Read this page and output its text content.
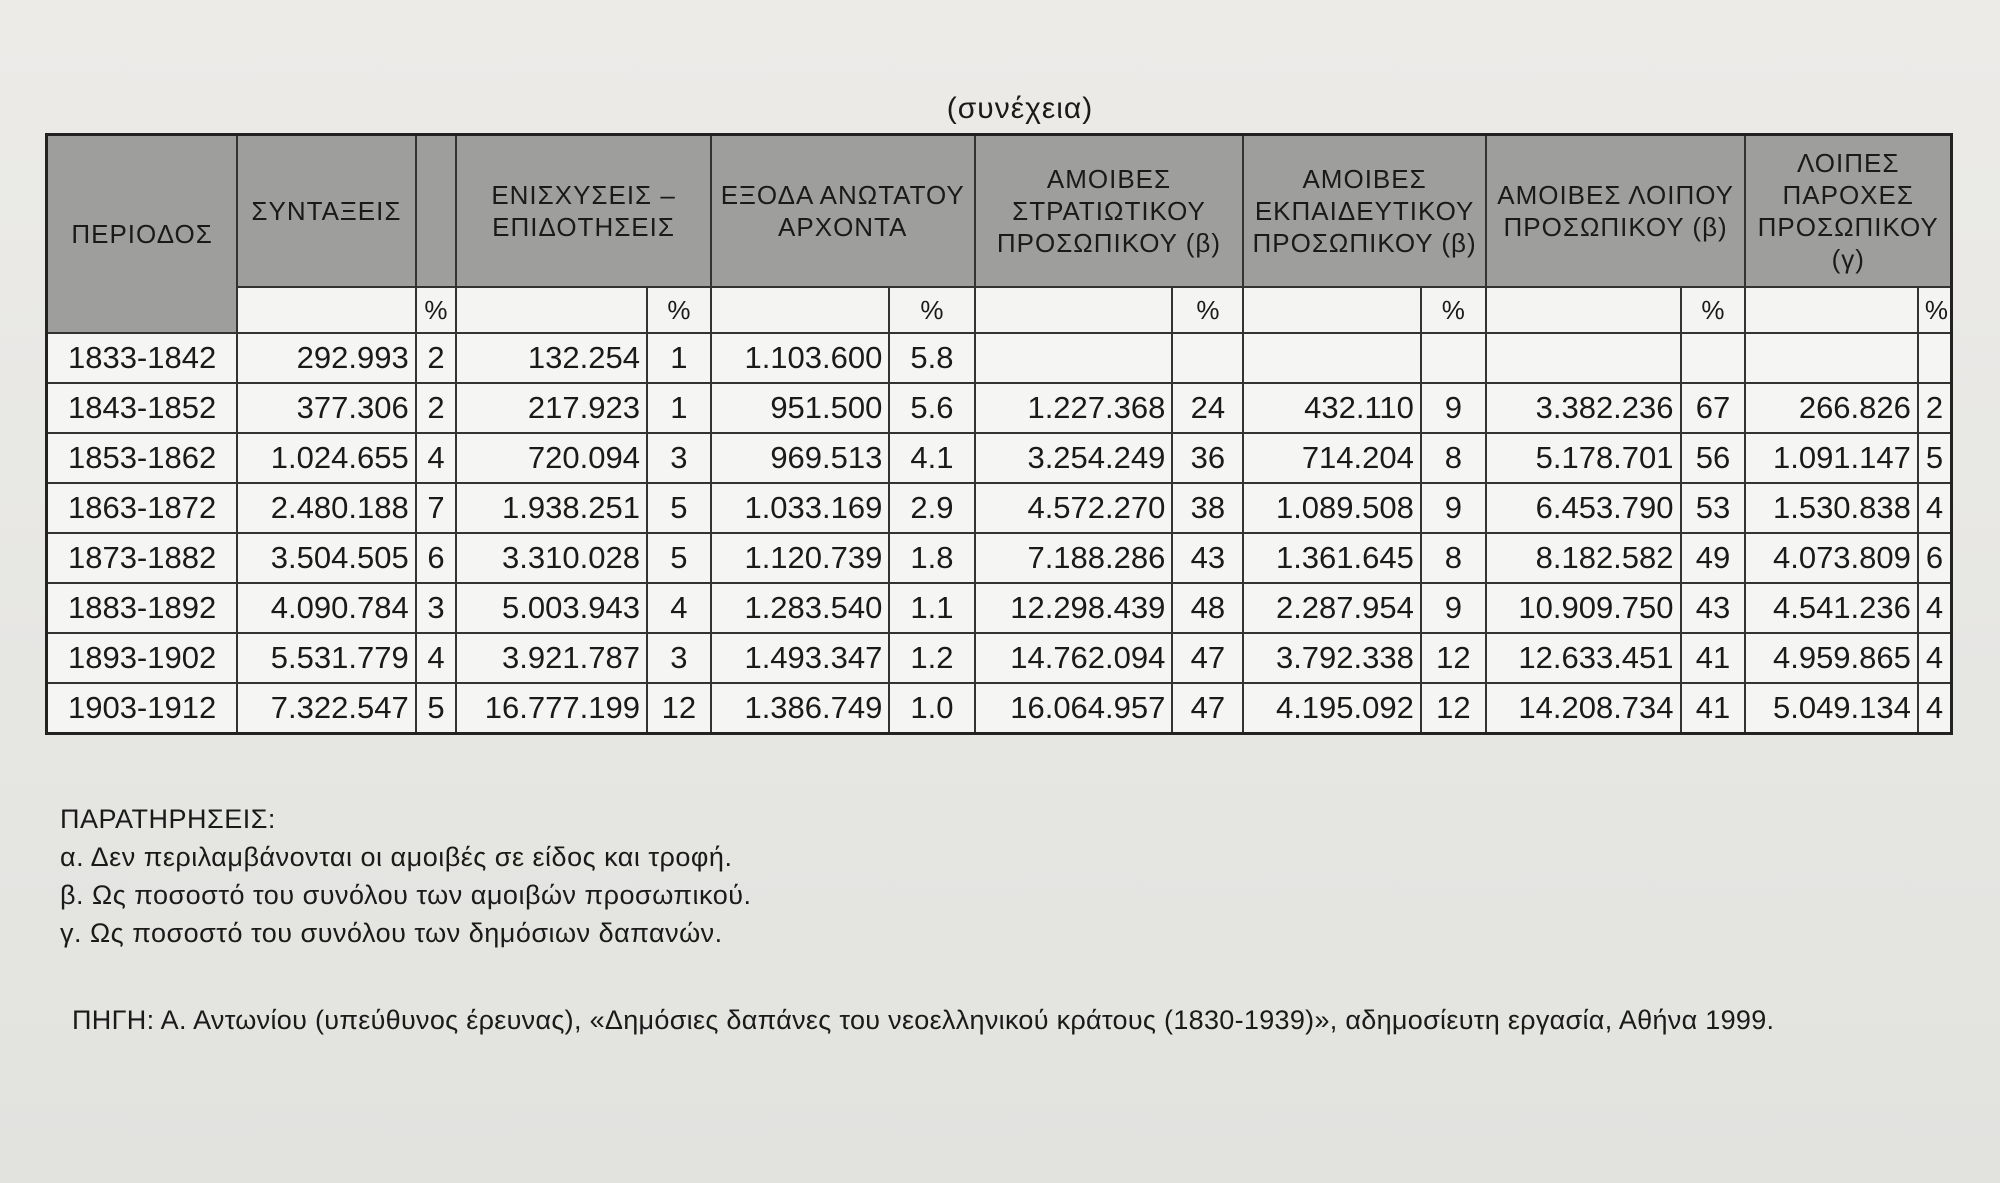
(συνέχεια)
ΠΕΡΙΟΔΟΣ	ΣΥΝΤΑΞΕΙΣ		ΕΝΙΣΧΥΣΕΙΣ – ΕΠΙΔΟΤΗΣΕΙΣ		ΕΞΟΔΑ ΑΝΩΤΑΤΟΥ ΑΡΧΟΝΤΑ		ΑΜΟΙΒΕΣ ΣΤΡΑΤΙΩΤΙΚΟΥ ΠΡΟΣΩΠΙΚΟΥ (β)		ΑΜΟΙΒΕΣ ΕΚΠΑΙΔΕΥΤΙΚΟΥ ΠΡΟΣΩΠΙΚΟΥ (β)		ΑΜΟΙΒΕΣ ΛΟΙΠΟΥ ΠΡΟΣΩΠΙΚΟΥ (β)		ΛΟΙΠΕΣ ΠΑΡΟΧΕΣ ΠΡΟΣΩΠΙΚΟΥ (γ)	
		%		%		%		%		%		%		%
1833-1842	292.993	2	132.254	1	1.103.600	5.8								
1843-1852	377.306	2	217.923	1	951.500	5.6	1.227.368	24	432.110	9	3.382.236	67	266.826	2
1853-1862	1.024.655	4	720.094	3	969.513	4.1	3.254.249	36	714.204	8	5.178.701	56	1.091.147	5
1863-1872	2.480.188	7	1.938.251	5	1.033.169	2.9	4.572.270	38	1.089.508	9	6.453.790	53	1.530.838	4
1873-1882	3.504.505	6	3.310.028	5	1.120.739	1.8	7.188.286	43	1.361.645	8	8.182.582	49	4.073.809	6
1883-1892	4.090.784	3	5.003.943	4	1.283.540	1.1	12.298.439	48	2.287.954	9	10.909.750	43	4.541.236	4
1893-1902	5.531.779	4	3.921.787	3	1.493.347	1.2	14.762.094	47	3.792.338	12	12.633.451	41	4.959.865	4
1903-1912	7.322.547	5	16.777.199	12	1.386.749	1.0	16.064.957	47	4.195.092	12	14.208.734	41	5.049.134	4
ΠΑΡΑΤΗΡΗΣΕΙΣ:
α. Δεν περιλαμβάνονται οι αμοιβές σε είδος και τροφή.
β. Ως ποσοστό του συνόλου των αμοιβών προσωπικού.
γ. Ως ποσοστό του συνόλου των δημόσιων δαπανών.
ΠΗΓΗ: Α. Αντωνίου (υπεύθυνος έρευνας), «Δημόσιες δαπάνες του νεοελληνικού κράτους (1830-1939)», αδημοσίευτη εργασία, Αθήνα 1999.
